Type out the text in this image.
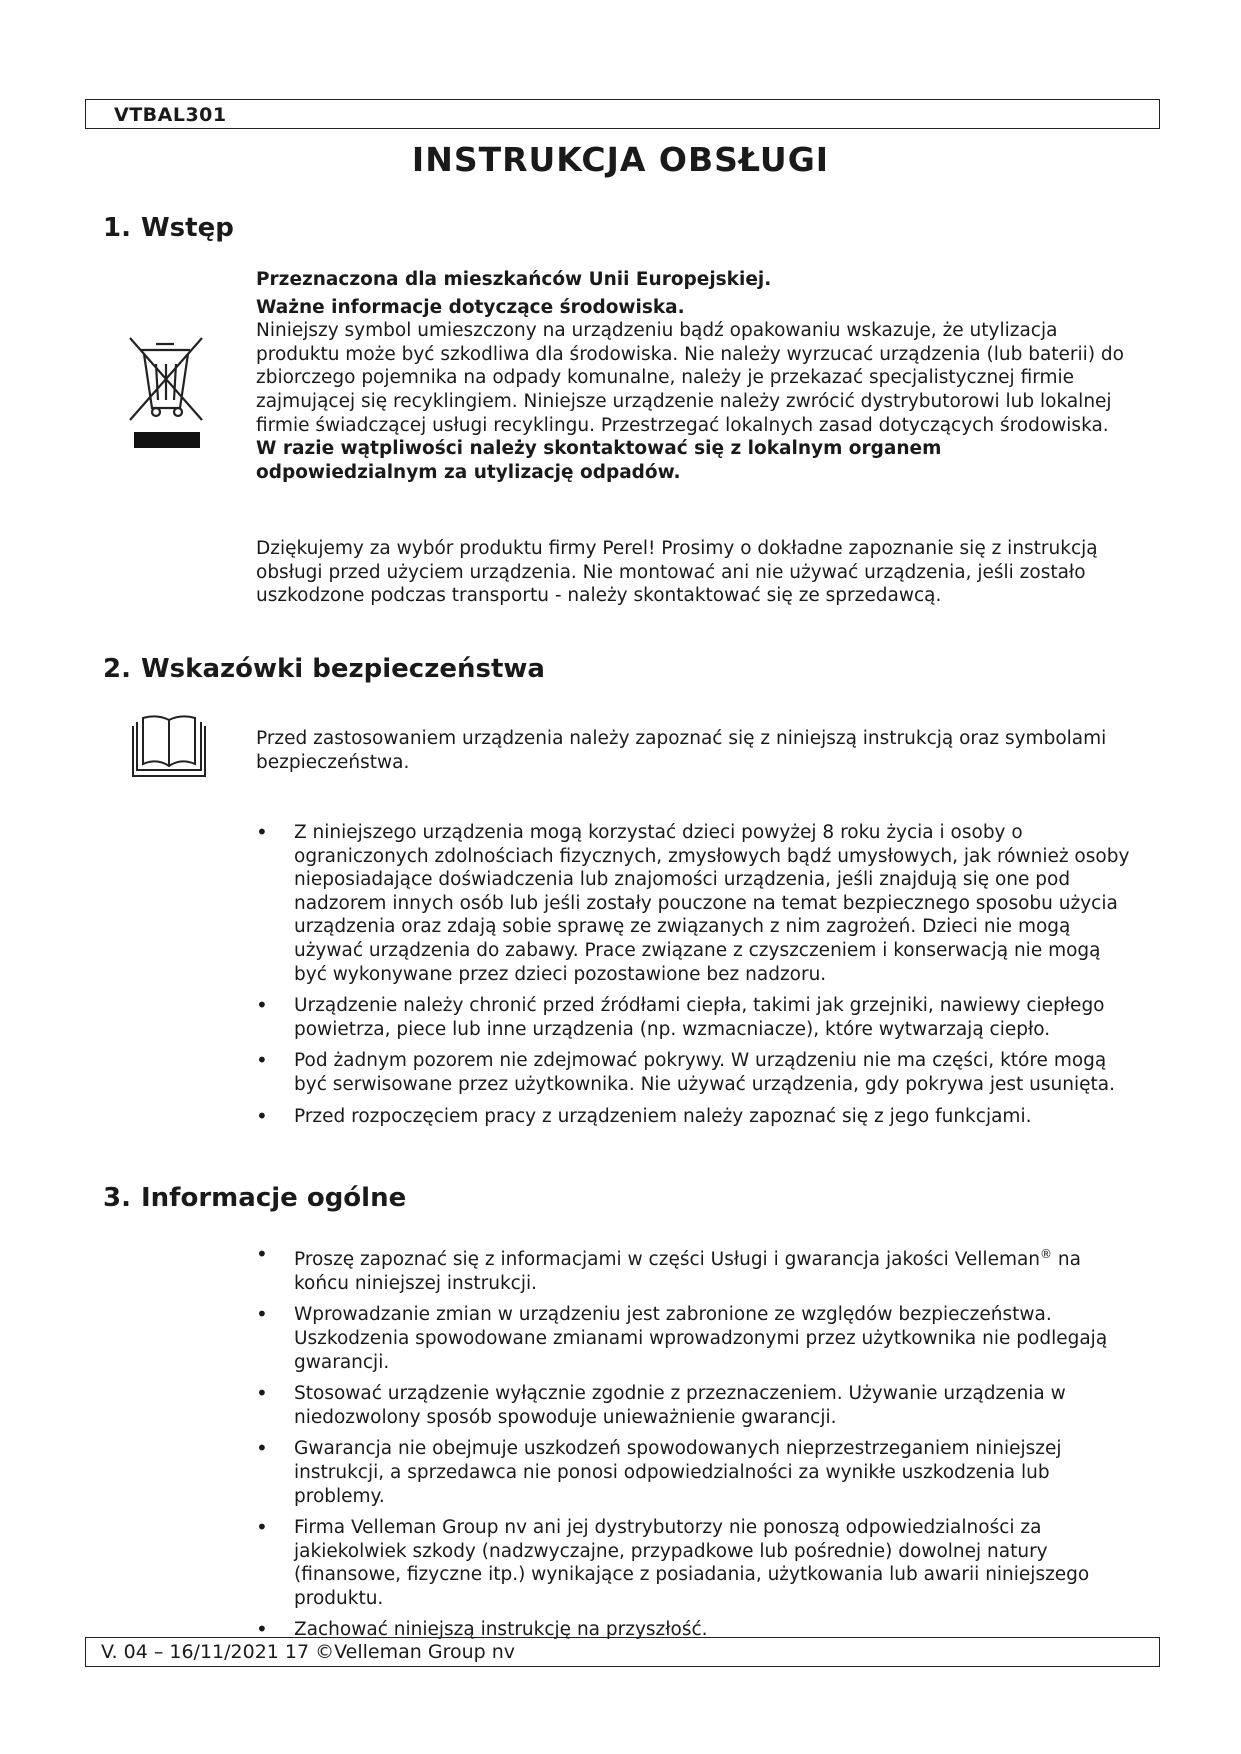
VTBAL301
INSTRUKCJA OBSŁUGI
1. Wstęp

Przeznaczona dla mieszkańców Unii Europejskiej.

Ważne informacje dotyczące środowiska.

Niniejszy symbol umieszczony na urządzeniu bądź opakowaniu wskazuje, że utylizacja produktu może być szkodliwa dla środowiska. Nie należy wyrzucać urządzenia (lub baterii) do zbiorczego pojemnika na odpady komunalne, należy je przekazać specjalistycznej firmie zajmującej się recyklingiem. Niniejsze urządzenie należy zwrócić dystrybutorowi lub lokalnej firmie świadczącej usługi recyklingu. Przestrzegać lokalnych zasad dotyczących środowiska.

W razie wątpliwości należy skontaktować się z lokalnym organem odpowiedzialnym za utylizację odpadów.

Dziękujemy za wybór produktu firmy Perel! Prosimy o dokładne zapoznanie się z instrukcją obsługi przed użyciem urządzenia. Nie montować ani nie używać urządzenia, jeśli zostało uszkodzone podczas transportu - należy skontaktować się ze sprzedawcą.

2. Wskazówki bezpieczeństwa

Przed zastosowaniem urządzenia należy zapoznać się z niniejszą instrukcją oraz symbolami bezpieczeństwa.

• Z niniejszego urządzenia mogą korzystać dzieci powyżej 8 roku życia i osoby o ograniczonych zdolnościach fizycznych, zmysłowych bądź umysłowych, jak również osoby nieposiadające doświadczenia lub znajomości urządzenia, jeśli znajdują się one pod nadzorem innych osób lub jeśli zostały pouczone na temat bezpiecznego sposobu użycia urządzenia oraz zdają sobie sprawę ze związanych z nim zagrożeń. Dzieci nie mogą używać urządzenia do zabawy. Prace związane z czyszczeniem i konserwacją nie mogą być wykonywane przez dzieci pozostawione bez nadzoru.
• Urządzenie należy chronić przed źródłami ciepła, takimi jak grzejniki, nawiewy ciepłego powietrza, piece lub inne urządzenia (np. wzmacniacze), które wytwarzają ciepło.
• Pod żadnym pozorem nie zdejmować pokrywy. W urządzeniu nie ma części, które mogą być serwisowane przez użytkownika. Nie używać urządzenia, gdy pokrywa jest usunięta.
• Przed rozpoczęciem pracy z urządzeniem należy zapoznać się z jego funkcjami.
3. Informacje ogólne
• Proszę zapoznać się z informacjami w części Usługi i gwarancja jakości Velleman® na końcu niniejszej instrukcji.
• Wprowadzanie zmian w urządzeniu jest zabronione ze względów bezpieczeństwa. Uszkodzenia spowodowane zmianami wprowadzonymi przez użytkownika nie podlegają gwarancji.
• Stosować urządzenie wyłącznie zgodnie z przeznaczeniem. Używanie urządzenia w niedozwolony sposób spowoduje unieważnienie gwarancji.
• Gwarancja nie obejmuje uszkodzeń spowodowanych nieprzestrzeganiem niniejszej instrukcji, a sprzedawca nie ponosi odpowiedzialności za wynikłe uszkodzenia lub problemy.
• Firma Velleman Group nv ani jej dystrybutorzy nie ponoszą odpowiedzialności za jakiekolwiek szkody (nadzwyczajne, przypadkowe lub pośrednie) dowolnej natury (finansowe, fizyczne itp.) wynikające z posiadania, użytkowania lub awarii niniejszego produktu.
• Zachować niniejszą instrukcję na przyszłość.
V. 04 – 16/11/2021 17 ©Velleman Group nv
